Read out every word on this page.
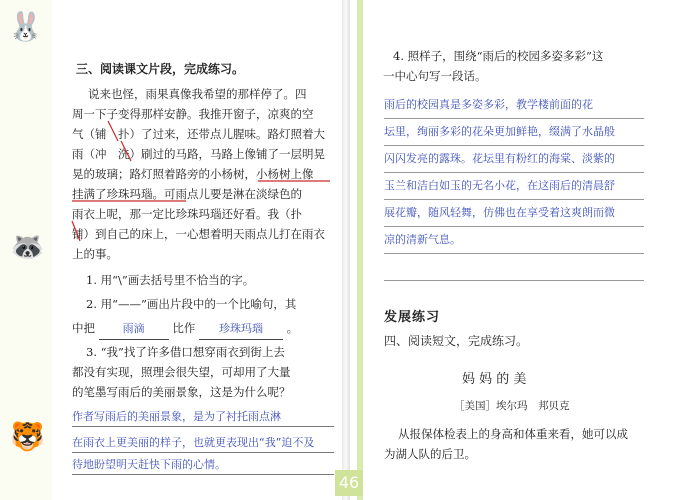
🐰
🦝
🐯
三、阅读课文片段，完成练习。
说来也怪，雨果真像我希望的那样停了。四
周一下子变得那样安静。我推开窗子，凉爽的空
气（铺　扑）了过来，还带点儿腥味。路灯照着大
雨（冲　洗）刷过的马路，马路上像铺了一层明晃
晃的玻璃；路灯照着路旁的小杨树，小杨树上像
挂满了珍珠玛瑙。可雨点儿要是淋在淡绿色的
雨衣上呢，那一定比珍珠玛瑙还好看。我（扑
铺）到自己的床上，一心想着明天雨点儿打在雨衣
上的事。
1. 用“\”画去括号里不恰当的字。
2. 用“——”画出片段中的一个比喻句，其
中把	雨滴 比作 珍珠玛瑙 。
3. “我”找了许多借口想穿雨衣到街上去
都没有实现，照理会很失望，可却用了大量
的笔墨写雨后的美丽景象，这是为什么呢？
作者写雨后的美丽景象，是为了衬托雨点淋
在雨衣上更美丽的样子，也就更表现出“我”迫不及
待地盼望明天赶快下雨的心情。
46
4. 照样子，围绕“雨后的校园多姿多彩”这
一中心句写一段话。
雨后的校园真是多姿多彩，教学楼前面的花
坛里，绚丽多彩的花朵更加鲜艳，缀满了水晶般
闪闪发亮的露珠。花坛里有粉红的海棠、淡紫的
玉兰和洁白如玉的无名小花，在这雨后的清晨舒
展花瓣，随风轻舞，仿佛也在享受着这爽朗而微
凉的清新气息。
发展练习
四、阅读短文，完成练习。
妈 妈 的 美
［美国］埃尔玛　邦贝克
从报保体检表上的身高和体重来看，她可以成
为湖人队的后卫。
